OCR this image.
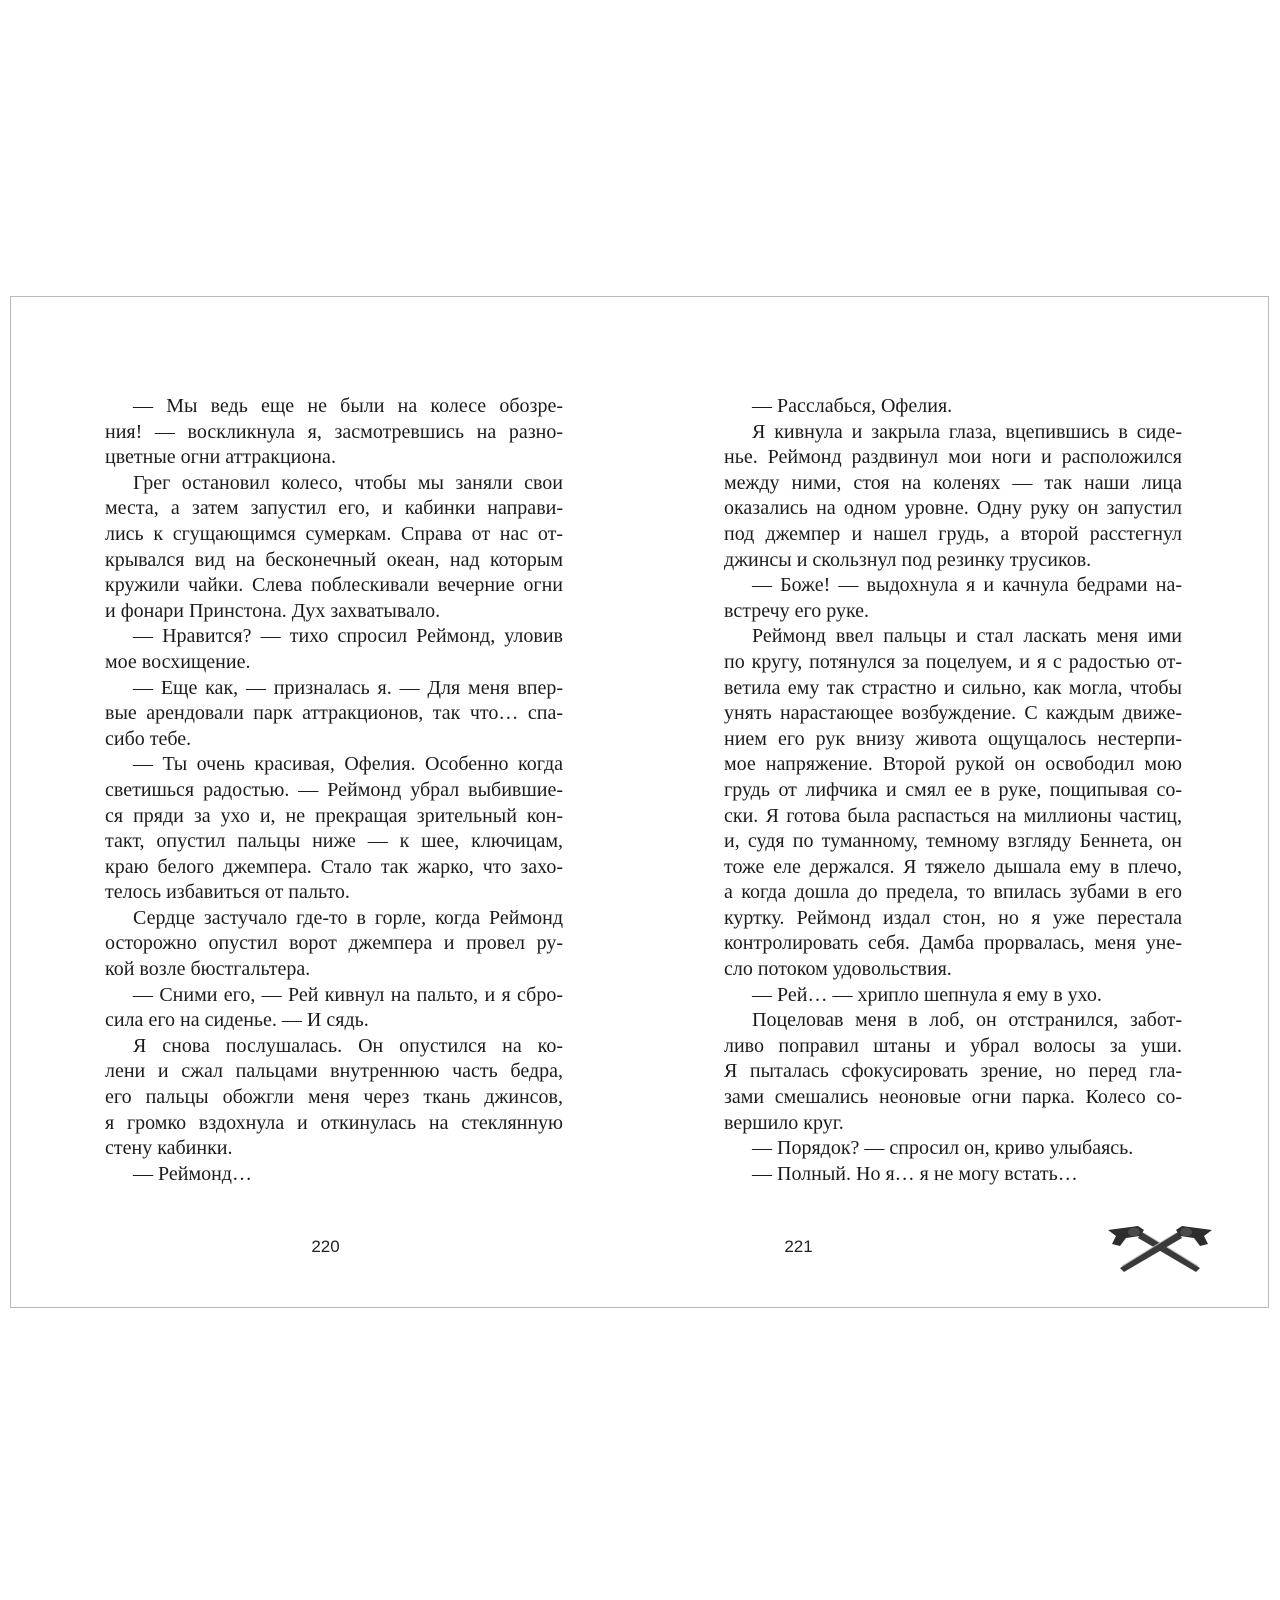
— Мы ведь еще не были на колесе обозре-
ния! — воскликнула я, засмотревшись на разно-
цветные огни аттракциона.
Грег остановил колесо, чтобы мы заняли свои
места, а затем запустил его, и кабинки направи-
лись к сгущающимся сумеркам. Справа от нас от-
крывался вид на бесконечный океан, над которым
кружили чайки. Слева поблескивали вечерние огни
и фонари Принстона. Дух захватывало.
— Нравится? — тихо спросил Реймонд, уловив
мое восхищение.
— Еще как, — призналась я. — Для меня впер-
вые арендовали парк аттракционов, так что… спа-
сибо тебе.
— Ты очень красивая, Офелия. Особенно когда
светишься радостью. — Реймонд убрал выбившие-
ся пряди за ухо и, не прекращая зрительный кон-
такт, опустил пальцы ниже — к шее, ключицам,
краю белого джемпера. Стало так жарко, что захо-
телось избавиться от пальто.
Сердце застучало где-то в горле, когда Реймонд
осторожно опустил ворот джемпера и провел ру-
кой возле бюстгальтера.
— Сними его, — Рей кивнул на пальто, и я сбро-
сила его на сиденье. — И сядь.
Я снова послушалась. Он опустился на ко-
лени и сжал пальцами внутреннюю часть бедра,
его пальцы обожгли меня через ткань джинсов,
я громко вздохнула и откинулась на стеклянную
стену кабинки.
— Реймонд…
220
— Расслабься, Офелия.
Я кивнула и закрыла глаза, вцепившись в сиде-
нье. Реймонд раздвинул мои ноги и расположился
между ними, стоя на коленях — так наши лица
оказались на одном уровне. Одну руку он запустил
под джемпер и нашел грудь, а второй расстегнул
джинсы и скользнул под резинку трусиков.
— Боже! — выдохнула я и качнула бедрами на-
встречу его руке.
Реймонд ввел пальцы и стал ласкать меня ими
по кругу, потянулся за поцелуем, и я с радостью от-
ветила ему так страстно и сильно, как могла, чтобы
унять нарастающее возбуждение. С каждым движе-
нием его рук внизу живота ощущалось нестерпи-
мое напряжение. Второй рукой он освободил мою
грудь от лифчика и смял ее в руке, пощипывая со-
ски. Я готова была распасться на миллионы частиц,
и, судя по туманному, темному взгляду Беннета, он
тоже еле держался. Я тяжело дышала ему в плечо,
а когда дошла до предела, то впилась зубами в его
куртку. Реймонд издал стон, но я уже перестала
контролировать себя. Дамба прорвалась, меня уне-
сло потоком удовольствия.
— Рей… — хрипло шепнула я ему в ухо.
Поцеловав меня в лоб, он отстранился, забот-
ливо поправил штаны и убрал волосы за уши.
Я пыталась сфокусировать зрение, но перед гла-
зами смешались неоновые огни парка. Колесо со-
вершило круг.
— Порядок? — спросил он, криво улыбаясь.
— Полный. Но я… я не могу встать…
221
